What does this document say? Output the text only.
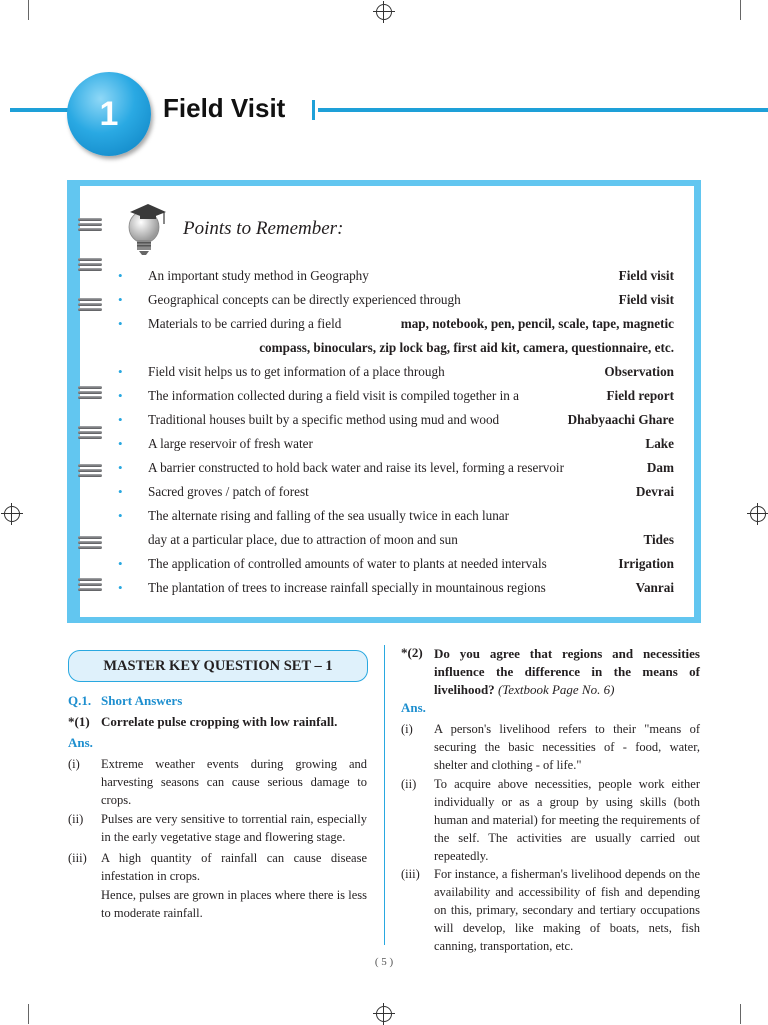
1	Field Visit
Points to Remember:
• An important study method in Geography	Field visit
• Geographical concepts can be directly experienced through	Field visit
• Materials to be carried during a field	map, notebook, pen, pencil, scale, tape, magnetic
compass, binoculars, zip lock bag, first aid kit, camera, questionnaire, etc.
• Field visit helps us to get information of a place through	Observation
• The information collected during a field visit is compiled together in a	Field report
• Traditional houses built by a specific method using mud and wood	Dhabyaachi Ghare
• A large reservoir of fresh water	Lake
• A barrier constructed to hold back water and raise its level, forming a reservoir	Dam
• Sacred groves / patch of forest	Devrai
• The alternate rising and falling of the sea usually twice in each lunar
day at a particular place, due to attraction of moon and sun	Tides
• The application of controlled amounts of water to plants at needed intervals	Irrigation
• The plantation of trees to increase rainfall specially in mountainous regions	Vanrai
MASTER KEY QUESTION SET – 1
Q.1. Short Answers
*(1) Correlate pulse cropping with low rainfall.
Ans.
(i) Extreme weather events during growing and harvesting seasons can cause serious damage to crops.
(ii) Pulses are very sensitive to torrential rain, especially in the early vegetative stage and flowering stage.
(iii) A high quantity of rainfall can cause disease infestation in crops.
Hence, pulses are grown in places where there is less to moderate rainfall.
*(2) Do you agree that regions and necessities influence the difference in the means of livelihood? (Textbook Page No. 6)
Ans.
(i) A person's livelihood refers to their "means of securing the basic necessities of - food, water, shelter and clothing - of life."
(ii) To acquire above necessities, people work either individually or as a group by using skills (both human and material) for meeting the requirements of the self. The activities are usually carried out repeatedly.
(iii) For instance, a fisherman's livelihood depends on the availability and accessibility of fish and depending on this, primary, secondary and tertiary occupations will develop, like making of boats, nets, fish canning, transportation, etc.
( 5 )
